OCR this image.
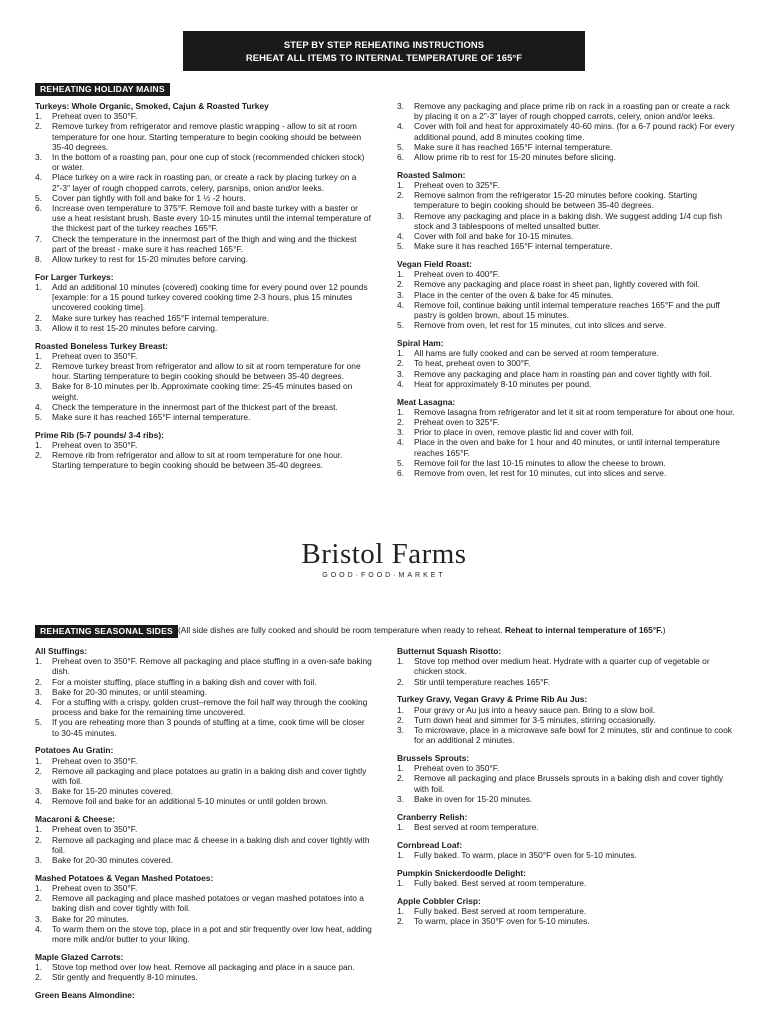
STEP BY STEP REHEATING INSTRUCTIONS
REHEAT ALL ITEMS TO INTERNAL TEMPERATURE OF 165°F
REHEATING HOLIDAY MAINS
Turkeys: Whole Organic, Smoked, Cajun & Roasted Turkey
1. Preheat oven to 350°F.
2. Remove turkey from refrigerator and remove plastic wrapping - allow to sit at room temperature for one hour. Starting temperature to begin cooking should be between 35-40 degrees.
3. In the bottom of a roasting pan, pour one cup of stock (recommended chicken stock) or water.
4. Place turkey on a wire rack in roasting pan, or create a rack by placing turkey on a 2"-3" layer of rough chopped carrots, celery, parsnips, onion and/or leeks.
5. Cover pan tightly with foil and bake for 1 ½ -2 hours.
6. Increase oven temperature to 375°F. Remove foil and baste turkey with a baster or use a heat resistant brush. Baste every 10-15 minutes until the internal temperature of the thickest part of the turkey reaches 165°F.
7. Check the temperature in the innermost part of the thigh and wing and the thickest part of the breast - make sure it has reached 165°F.
8. Allow turkey to rest for 15-20 minutes before carving.
For Larger Turkeys:
1. Add an additional 10 minutes (covered) cooking time for every pound over 12 pounds [example: for a 15 pound turkey covered cooking time 2-3 hours, plus 15 minutes uncovered cooking time].
2. Make sure turkey has reached 165°F internal temperature.
3. Allow it to rest 15-20 minutes before carving.
Roasted Boneless Turkey Breast:
1. Preheat oven to 350°F.
2. Remove turkey breast from refrigerator and allow to sit at room temperature for one hour. Starting temperature to begin cooking should be between 35-40 degrees.
3. Bake for 8-10 minutes per lb. Approximate cooking time: 25-45 minutes based on weight.
4. Check the temperature in the innermost part of the thickest part of the breast.
5. Make sure it has reached 165°F internal temperature.
Prime Rib (5-7 pounds/ 3-4 ribs):
1. Preheat oven to 350°F.
2. Remove rib from refrigerator and allow to sit at room temperature for one hour. Starting temperature to begin cooking should be between 35-40 degrees.
3. Remove any packaging and place prime rib on rack in a roasting pan or create a rack by placing it on a 2"-3" layer of rough chopped carrots, celery, onion and/or leeks.
4. Cover with foil and heat for approximately 40-60 mins. (for a 6-7 pound rack) For every additional pound, add 8 minutes cooking time.
5. Make sure it has reached 165°F internal temperature.
6. Allow prime rib to rest for 15-20 minutes before slicing.
Roasted Salmon:
1. Preheat oven to 325°F.
2. Remove salmon from the refrigerator 15-20 minutes before cooking. Starting temperature to begin cooking should be between 35-40 degrees.
3. Remove any packaging and place in a baking dish. We suggest adding 1/4 cup fish stock and 3 tablespoons of melted unsalted butter.
4. Cover with foil and bake for 10-15 minutes.
5. Make sure it has reached 165°F internal temperature.
Vegan Field Roast:
1. Preheat oven to 400°F.
2. Remove any packaging and place roast in sheet pan, lightly covered with foil.
3. Place in the center of the oven & bake for 45 minutes.
4. Remove foil, continue baking until internal temperature reaches 165°F and the puff pastry is golden brown, about 15 minutes.
5. Remove from oven, let rest for 15 minutes, cut into slices and serve.
Spiral Ham:
1. All hams are fully cooked and can be served at room temperature.
2. To heat, preheat oven to 300°F.
3. Remove any packaging and place ham in roasting pan and cover tightly with foil.
4. Heat for approximately 8-10 minutes per pound.
Meat Lasagna:
1. Remove lasagna from refrigerator and let it sit at room temperature for about one hour.
2. Preheat oven to 325°F.
3. Prior to place in oven, remove plastic lid and cover with foil.
4. Place in the oven and bake for 1 hour and 40 minutes, or until internal temperature reaches 165°F.
5. Remove foil for the last 10-15 minutes to allow the cheese to brown.
6. Remove from oven, let rest for 10 minutes, cut into slices and serve.
Bristol Farms
GOOD·FOOD·MARKET
REHEATING SEASONAL SIDES (All side dishes are fully cooked and should be room temperature when ready to reheat. Reheat to internal temperature of 165°F.)
All Stuffings:
1. Preheat oven to 350°F. Remove all packaging and place stuffing in a oven-safe baking dish.
2. For a moister stuffing, place stuffing in a baking dish and cover with foil.
3. Bake for 20-30 minutes, or until steaming.
4. For a stuffing with a crispy, golden crust–remove the foil half way through the cooking process and bake for the remaining time uncovered.
5. If you are reheating more than 3 pounds of stuffing at a time, cook time will be closer to 30-45 minutes.
Potatoes Au Gratin:
1. Preheat oven to 350°F.
2. Remove all packaging and place potatoes au gratin in a baking dish and cover tightly with foil.
3. Bake for 15-20 minutes covered.
4. Remove foil and bake for an additional 5-10 minutes or until golden brown.
Macaroni & Cheese:
1. Preheat oven to 350°F.
2. Remove all packaging and place mac & cheese in a baking dish and cover tightly with foil.
3. Bake for 20-30 minutes covered.
Mashed Potatoes & Vegan Mashed Potatoes:
1. Preheat oven to 350°F.
2. Remove all packaging and place mashed potatoes or vegan mashed potatoes into a baking dish and cover tightly with foil.
3. Bake for 20 minutes.
4. To warm them on the stove top, place in a pot and stir frequently over low heat, adding more milk and/or butter to your liking.
Maple Glazed Carrots:
1. Stove top method over low heat. Remove all packaging and place in a sauce pan.
2. Stir gently and frequently 8-10 minutes.
Green Beans Almondine:
Butternut Squash Risotto:
1. Stove top method over medium heat. Hydrate with a quarter cup of vegetable or chicken stock.
2. Stir until temperature reaches 165°F.
Turkey Gravy, Vegan Gravy & Prime Rib Au Jus:
1. Pour gravy or Au jus into a heavy sauce pan. Bring to a slow boil.
2. Turn down heat and simmer for 3-5 minutes, stirring occasionally.
3. To microwave, place in a microwave safe bowl for 2 minutes, stir and continue to cook for an additional 2 minutes.
Brussels Sprouts:
1. Preheat oven to 350°F.
2. Remove all packaging and place Brussels sprouts in a baking dish and cover tightly with foil.
3. Bake in oven for 15-20 minutes.
Cranberry Relish:
1. Best served at room temperature.
Cornbread Loaf:
1. Fully baked. To warm, place in 350°F oven for 5-10 minutes.
Pumpkin Snickerdoodle Delight:
1. Fully baked. Best served at room temperature.
Apple Cobbler Crisp:
1. Fully baked. Best served at room temperature.
2. To warm, place in 350°F oven for 5-10 minutes.
